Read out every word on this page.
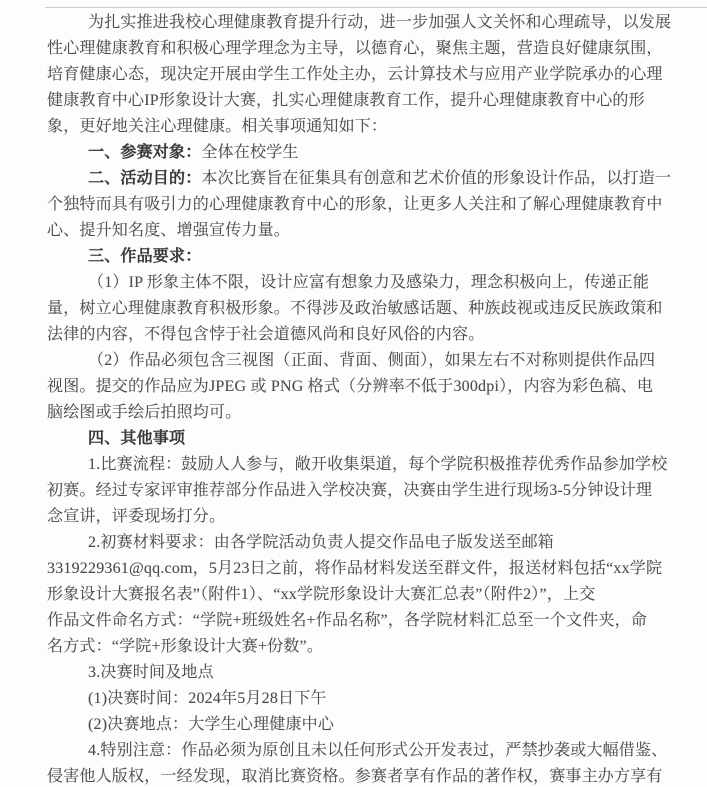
为扎实推进我校心理健康教育提升行动，进一步加强人文关怀和心理疏导，以发展
性心理健康教育和积极心理学理念为主导，以德育心，聚焦主题，营造良好健康氛围，
培育健康心态，现决定开展由学生工作处主办，云计算技术与应用产业学院承办的心理
健康教育中心IP形象设计大赛，扎实心理健康教育工作，提升心理健康教育中心的形
象，更好地关注心理健康。相关事项通知如下：
一、参赛对象：全体在校学生
二、活动目的：本次比赛旨在征集具有创意和艺术价值的形象设计作品，以打造一
个独特而具有吸引力的心理健康教育中心的形象，让更多人关注和了解心理健康教育中
心、提升知名度、增强宣传力量。
三、作品要求：
（1）IP 形象主体不限，设计应富有想象力及感染力，理念积极向上，传递正能
量，树立心理健康教育积极形象。不得涉及政治敏感话题、种族歧视或违反民族政策和
法律的内容，不得包含悖于社会道德风尚和良好风俗的内容。
（2）作品必须包含三视图（正面、背面、侧面），如果左右不对称则提供作品四
视图。提交的作品应为JPEG 或 PNG 格式（分辨率不低于300dpi），内容为彩色稿、电
脑绘图或手绘后拍照均可。
四、其他事项
1.比赛流程：鼓励人人参与，敞开收集渠道，每个学院积极推荐优秀作品参加学校
初赛。经过专家评审推荐部分作品进入学校决赛，决赛由学生进行现场3-5分钟设计理
念宣讲，评委现场打分。
2.初赛材料要求：由各学院活动负责人提交作品电子版发送至邮箱
3319229361@qq.com，5月23日之前，将作品材料发送至群文件，报送材料包括“xx学院
形象设计大赛报名表”（附件1）、“xx学院形象设计大赛汇总表”（附件2）”，上交
作品文件命名方式：“学院+班级姓名+作品名称”，各学院材料汇总至一个文件夹，命
名方式：“学院+形象设计大赛+份数”。
3.决赛时间及地点
(1)决赛时间：2024年5月28日下午
(2)决赛地点：大学生心理健康中心
4.特别注意：作品必须为原创且未以任何形式公开发表过，严禁抄袭或大幅借鉴、
侵害他人版权，一经发现，取消比赛资格。参赛者享有作品的著作权，赛事主办方享有
